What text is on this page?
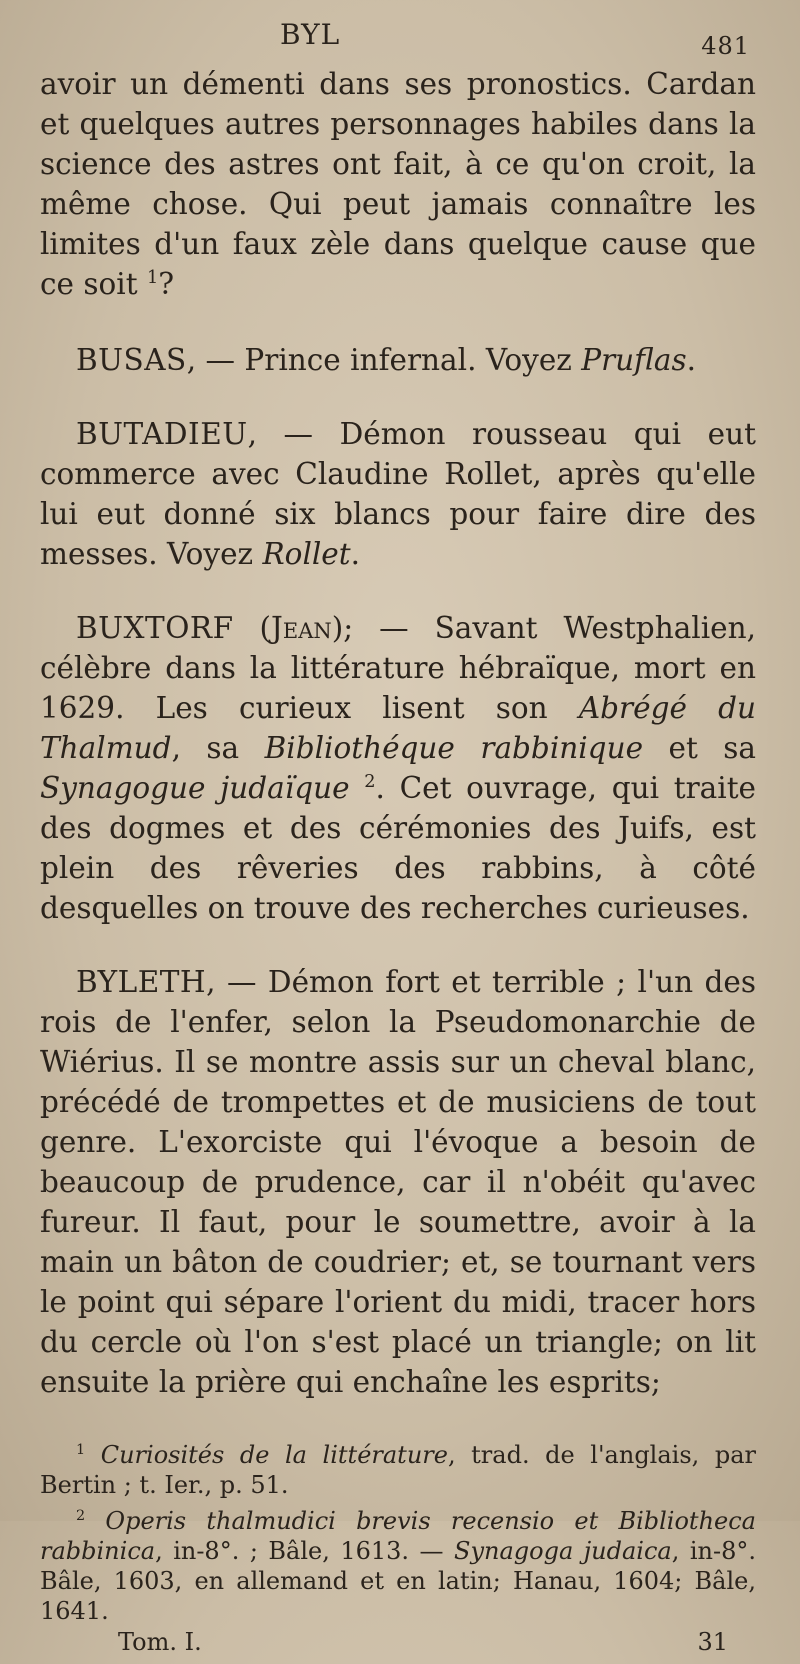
BYL	481

avoir un démenti dans ses pronostics. Cardan et quelques autres personnages habiles dans la science des astres ont fait, à ce qu'on croit, la même chose. Qui peut jamais connaître les limites d'un faux zèle dans quelque cause que ce soit $^1$?

BUSAS, — Prince infernal. Voyez Pruflas.

BUTADIEU, — Démon rousseau qui eut commerce avec Claudine Rollet, après qu'elle lui eut donné six blancs pour faire dire des messes. Voyez Rollet.

BUXTORF (Jean); — Savant Westphalien, célèbre dans la littérature hébraïque, mort en 1629. Les curieux lisent son Abrégé du Thalmud, sa Bibliothéque rabbinique et sa Synagogue judaïque $^2$. Cet ouvrage, qui traite des dogmes et des cérémonies des Juifs, est plein des rêveries des rabbins, à côté desquelles on trouve des recherches curieuses.

BYLETH, — Démon fort et terrible ; l'un des rois de l'enfer, selon la Pseudomonarchie de Wiérius. Il se montre assis sur un cheval blanc, précédé de trompettes et de musiciens de tout genre. L'exorciste qui l'évoque a besoin de beaucoup de prudence, car il n'obéit qu'avec fureur. Il faut, pour le soumettre, avoir à la main un bâton de coudrier; et, se tournant vers le point qui sépare l'orient du midi, tracer hors du cercle où l'on s'est placé un triangle; on lit ensuite la prière qui enchaîne les esprits;

$^1$ Curiosités de la littérature, trad. de l'anglais, par Bertin ; t. Ier., p. 51.

$^2$ Operis thalmudici brevis recensio et Bibliotheca rabbinica, in-8°. ; Bâle, 1613. — Synagoga judaica, in-8°. Bâle, 1603, en allemand et en latin; Hanau, 1604; Bâle, 1641.

Tom. I.	31
